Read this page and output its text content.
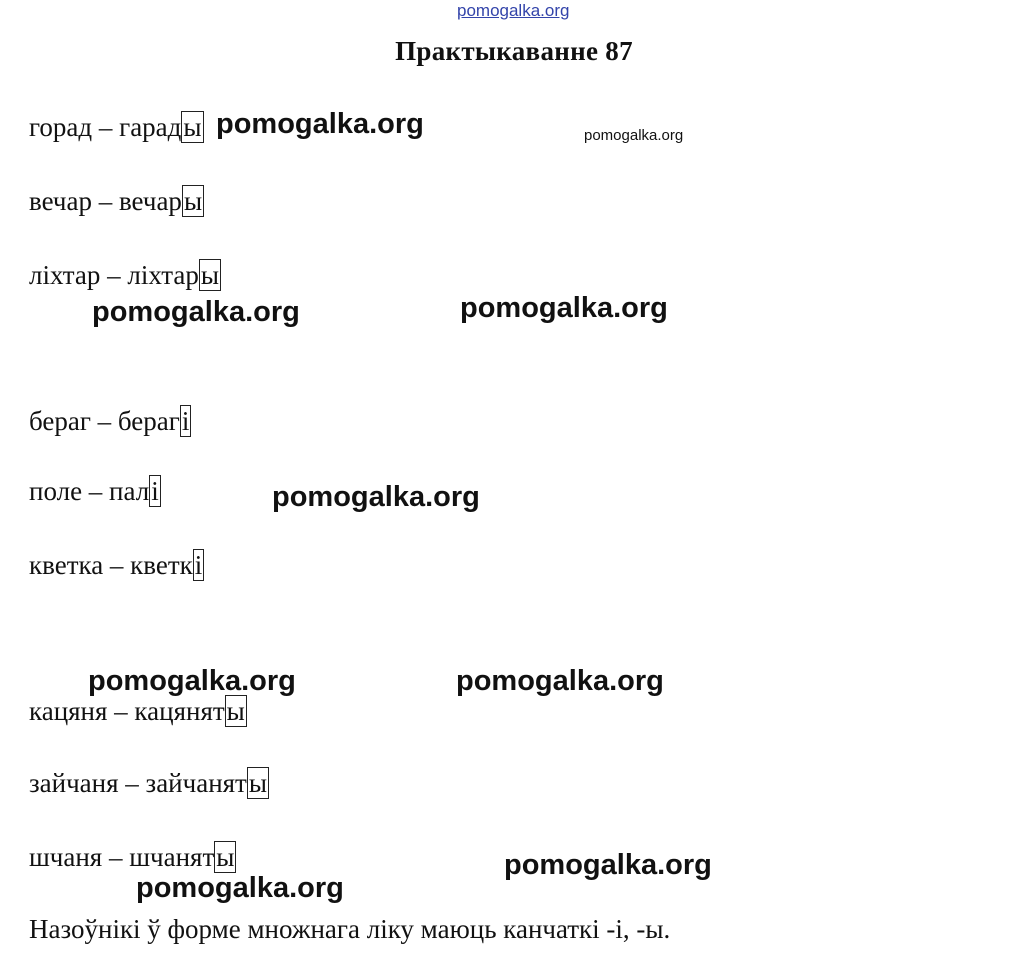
pomogalka.org
Практыкаванне 87
горад – гарады
вечар – вечары
ліхтар – ліхтары
бераг – берагі
поле – палі
кветка – кветкі
кацяня – кацяняты
зайчаня – зайчаняты
шчаня – шчаняты
pomogalka.org	pomogalka.org
pomogalka.org	pomogalka.org
pomogalka.org
pomogalka.org	pomogalka.org
pomogalka.org
pomogalka.org
Назоўнікі ў форме множнага ліку маюць канчаткі -і, -ы.
